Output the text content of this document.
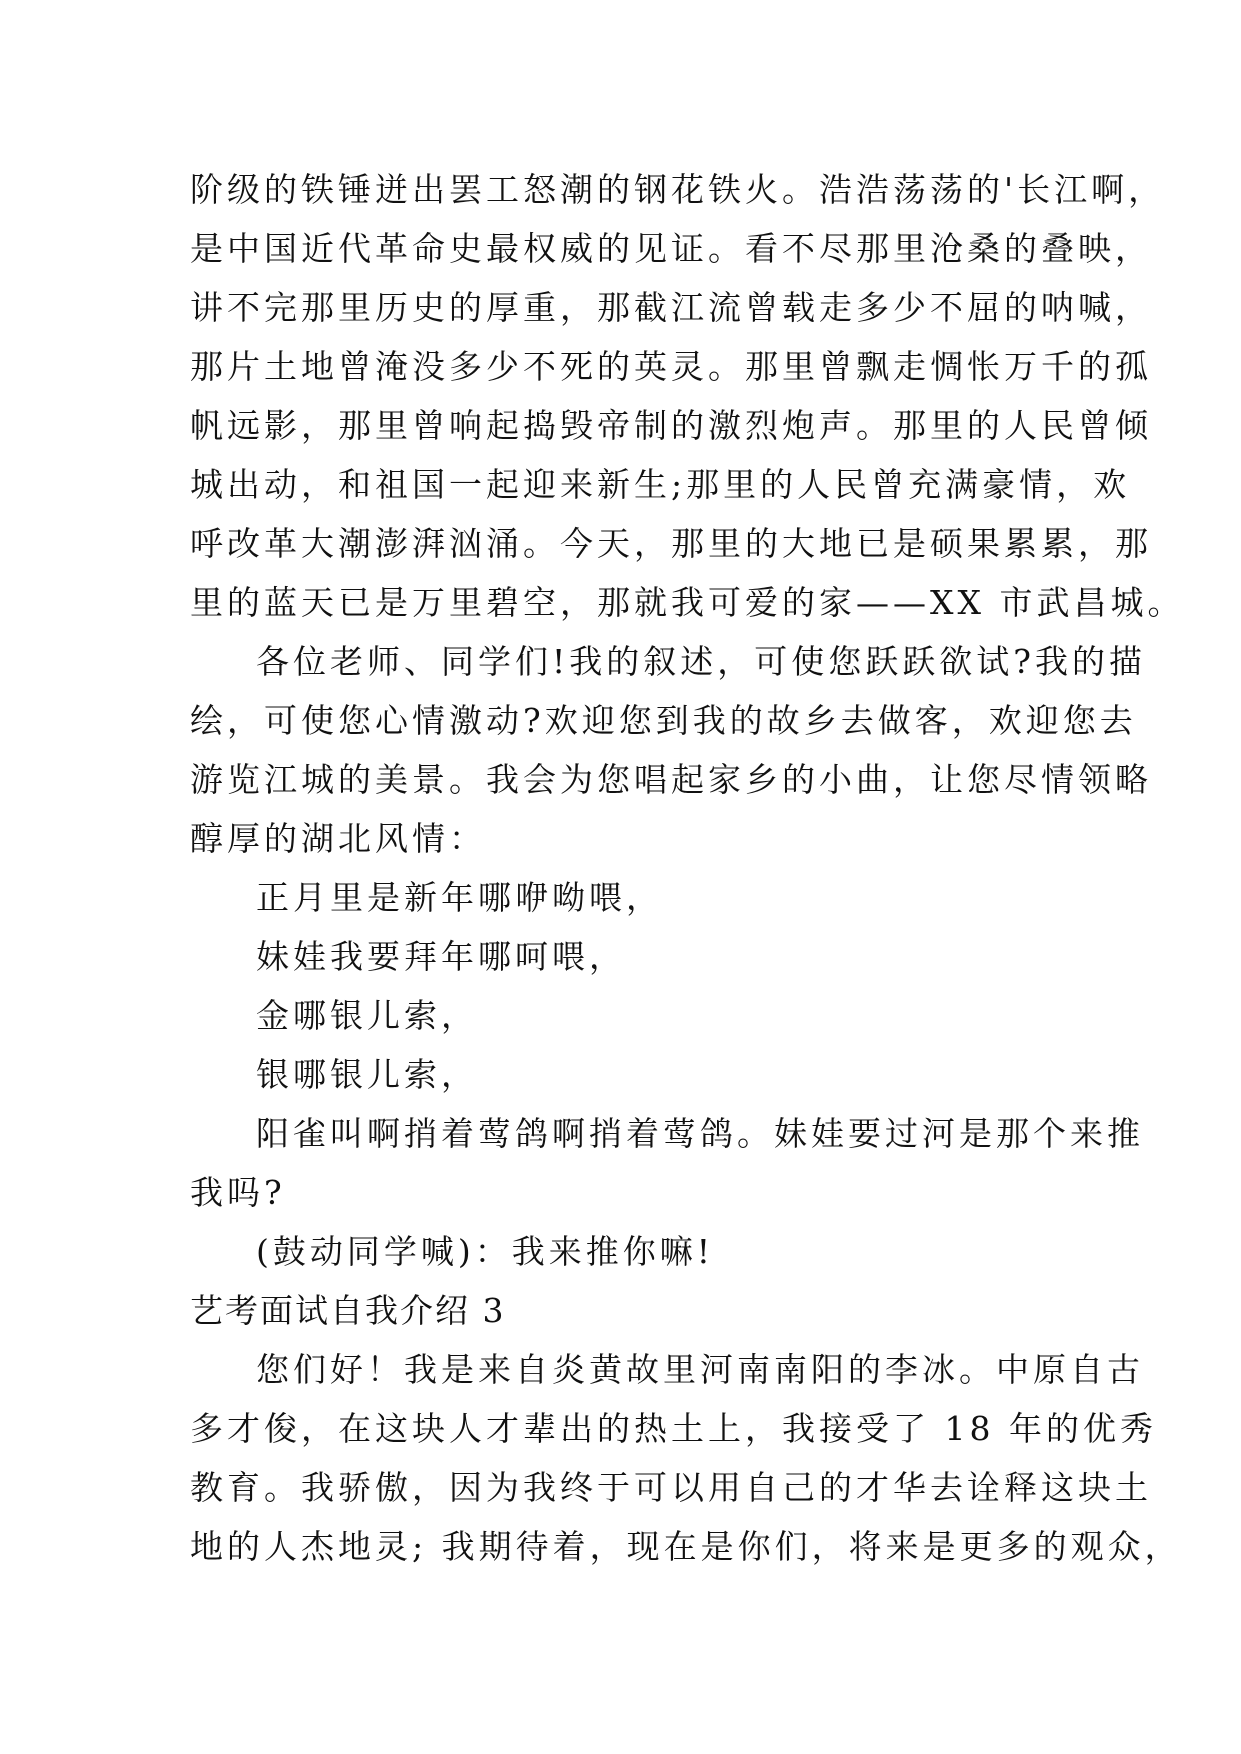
阶级的铁锤迸出罢工怒潮的钢花铁火。浩浩荡荡的'长江啊，
是中国近代革命史最权威的见证。看不尽那里沧桑的叠映，
讲不完那里历史的厚重，那截江流曾载走多少不屈的呐喊，
那片土地曾淹没多少不死的英灵。那里曾飘走惆怅万千的孤
帆远影，那里曾响起捣毁帝制的激烈炮声。那里的人民曾倾
城出动，和祖国一起迎来新生;那里的人民曾充满豪情，欢
呼改革大潮澎湃汹涌。今天，那里的大地已是硕果累累，那
里的蓝天已是万里碧空，那就我可爱的家——XX 市武昌城。
各位老师、同学们!我的叙述，可使您跃跃欲试?我的描
绘，可使您心情激动?欢迎您到我的故乡去做客，欢迎您去
游览江城的美景。我会为您唱起家乡的小曲，让您尽情领略
醇厚的湖北风情：
正月里是新年哪咿呦喂，
妹娃我要拜年哪呵喂，
金哪银儿索，
银哪银儿索，
阳雀叫啊捎着莺鸽啊捎着莺鸽。妹娃要过河是那个来推
我吗?
(鼓动同学喊)：我来推你嘛!
艺考面试自我介绍 3
您们好！我是来自炎黄故里河南南阳的李冰。中原自古
多才俊，在这块人才辈出的热土上，我接受了 18 年的优秀
教育。我骄傲，因为我终于可以用自己的才华去诠释这块土
地的人杰地灵; 我期待着，现在是你们，将来是更多的观众，
